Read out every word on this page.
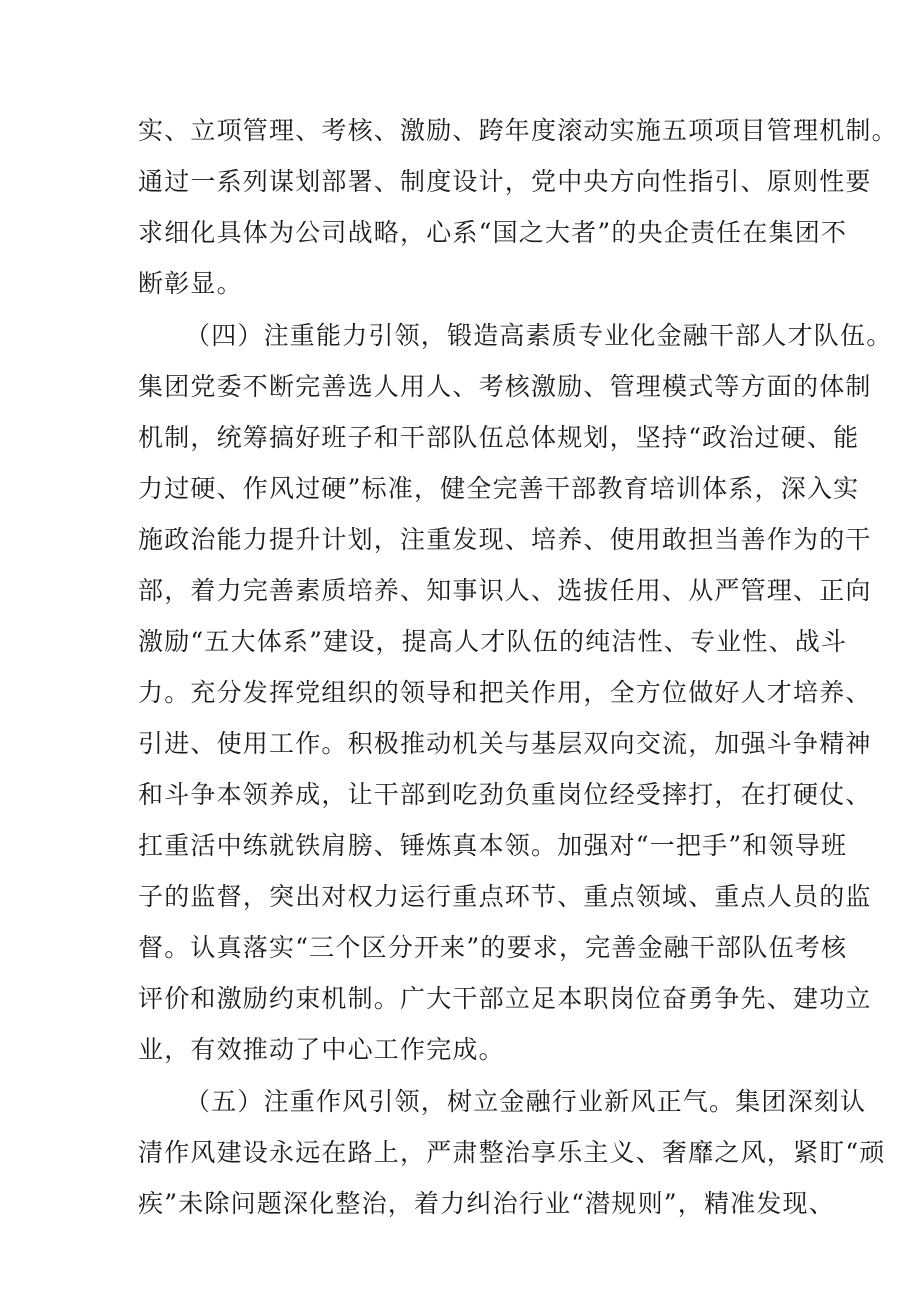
实、立项管理、考核、激励、跨年度滚动实施五项项目管理机制。
通过一系列谋划部署、制度设计，党中央方向性指引、原则性要
求细化具体为公司战略，心系“国之大者”的央企责任在集团不
断彰显。
（四）注重能力引领，锻造高素质专业化金融干部人才队伍。
集团党委不断完善选人用人、考核激励、管理模式等方面的体制
机制，统筹搞好班子和干部队伍总体规划，坚持“政治过硬、能
力过硬、作风过硬”标准，健全完善干部教育培训体系，深入实
施政治能力提升计划，注重发现、培养、使用敢担当善作为的干
部，着力完善素质培养、知事识人、选拔任用、从严管理、正向
激励“五大体系”建设，提高人才队伍的纯洁性、专业性、战斗
力。充分发挥党组织的领导和把关作用，全方位做好人才培养、
引进、使用工作。积极推动机关与基层双向交流，加强斗争精神
和斗争本领养成，让干部到吃劲负重岗位经受摔打，在打硬仗、
扛重活中练就铁肩膀、锤炼真本领。加强对“一把手”和领导班
子的监督，突出对权力运行重点环节、重点领域、重点人员的监
督。认真落实“三个区分开来”的要求，完善金融干部队伍考核
评价和激励约束机制。广大干部立足本职岗位奋勇争先、建功立
业，有效推动了中心工作完成。
（五）注重作风引领，树立金融行业新风正气。集团深刻认
清作风建设永远在路上，严肃整治享乐主义、奢靡之风，紧盯“顽
疾”未除问题深化整治，着力纠治行业“潜规则”，精准发现、
